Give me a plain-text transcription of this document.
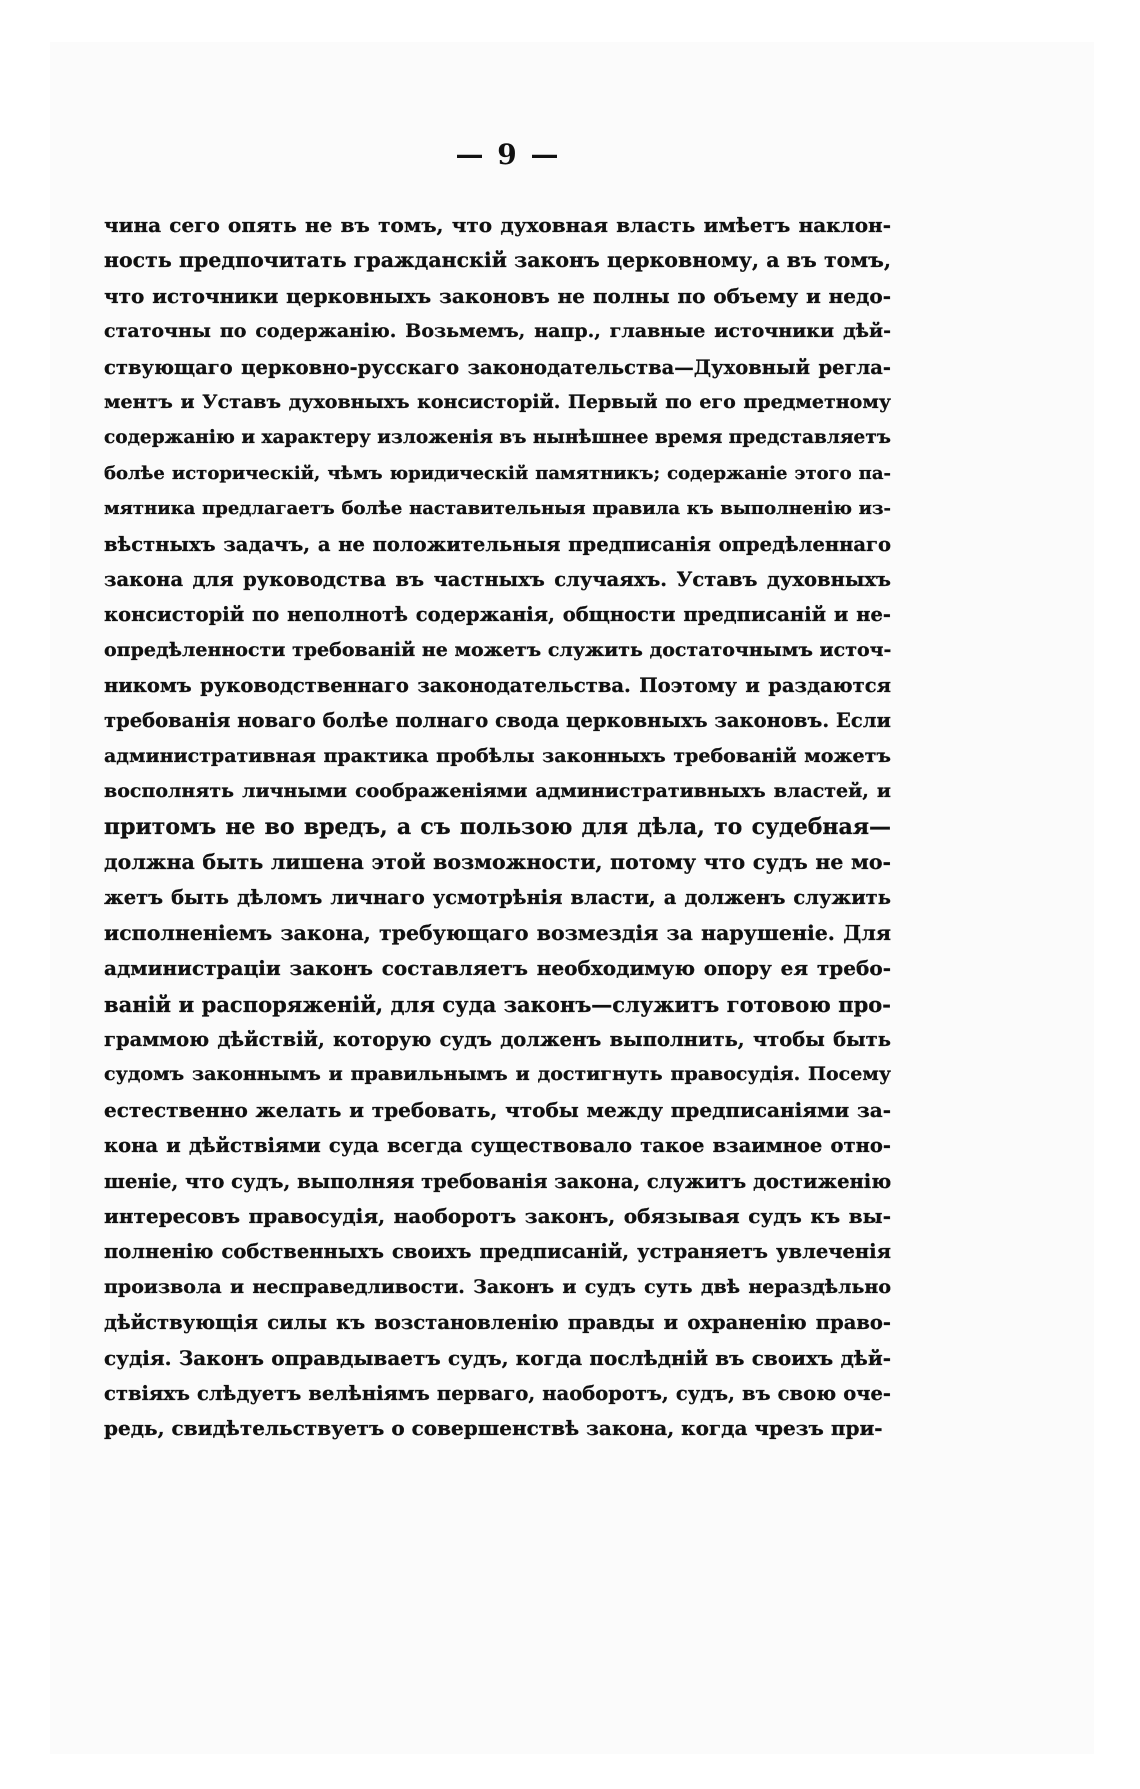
— 9 —
чина сего опять не въ томъ, что духовная власть имѣетъ наклон-
ность предпочитать гражданскій законъ церковному, а въ томъ,
что источники церковныхъ законовъ не полны по объему и недо-
статочны по содержанію. Возьмемъ, напр., главные источники дѣй-
ствующаго церковно-русскаго законодательства—Духовный регла-
ментъ и Уставъ духовныхъ консисторій. Первый по его предметному
содержанію и характеру изложенія въ нынѣшнее время представляетъ
болѣе историческій, чѣмъ юридическій памятникъ; содержаніе этого па-
мятника предлагаетъ болѣе наставительныя правила къ выполненію из-
вѣстныхъ задачъ, а не положительныя предписанія опредѣленнаго
закона для руководства въ частныхъ случаяхъ. Уставъ духовныхъ
консисторій по неполнотѣ содержанія, общности предписаній и не-
опредѣленности требованій не можетъ служить достаточнымъ источ-
никомъ руководственнаго законодательства. Поэтому и раздаются
требованія новаго болѣе полнаго свода церковныхъ законовъ. Если
административная практика пробѣлы законныхъ требованій можетъ
восполнять личными соображеніями административныхъ властей, и
притомъ не во вредъ, а съ пользою для дѣла, то судебная—
должна быть лишена этой возможности, потому что судъ не мо-
жетъ быть дѣломъ личнаго усмотрѣнія власти, а долженъ служить
исполненіемъ закона, требующаго возмездія за нарушеніе. Для
администраціи законъ составляетъ необходимую опору ея требо-
ваній и распоряженій, для суда законъ—служитъ готовою про-
граммою дѣйствій, которую судъ долженъ выполнить, чтобы быть
судомъ законнымъ и правильнымъ и достигнуть правосудія. Посему
естественно желать и требовать, чтобы между предписаніями за-
кона и дѣйствіями суда всегда существовало такое взаимное отно-
шеніе, что судъ, выполняя требованія закона, служитъ достиженію
интересовъ правосудія, наоборотъ законъ, обязывая судъ къ вы-
полненію собственныхъ своихъ предписаній, устраняетъ увлеченія
произвола и несправедливости. Законъ и судъ суть двѣ нераздѣльно
дѣйствующія силы къ возстановленію правды и охраненію право-
судія. Законъ оправдываетъ судъ, когда послѣдній въ своихъ дѣй-
ствіяхъ слѣдуетъ велѣніямъ перваго, наоборотъ, судъ, въ свою оче-
редь, свидѣтельствуетъ о совершенствѣ закона, когда чрезъ при-
